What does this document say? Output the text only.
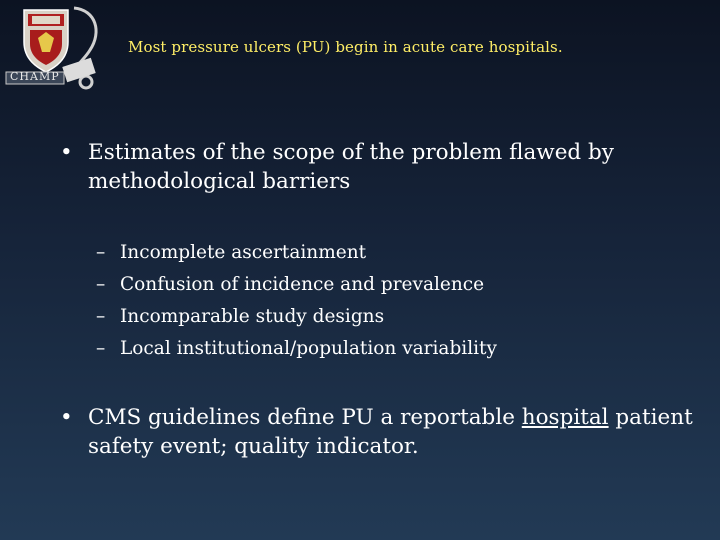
CHAMP
Most pressure ulcers (PU) begin in acute care hospitals.
• Estimates of the scope of the problem flawed by methodological barriers
– Incomplete ascertainment
– Confusion of incidence and prevalence
– Incomparable study designs
– Local institutional/population variability
• CMS guidelines define PU a reportable hospital patient safety event; quality indicator.
